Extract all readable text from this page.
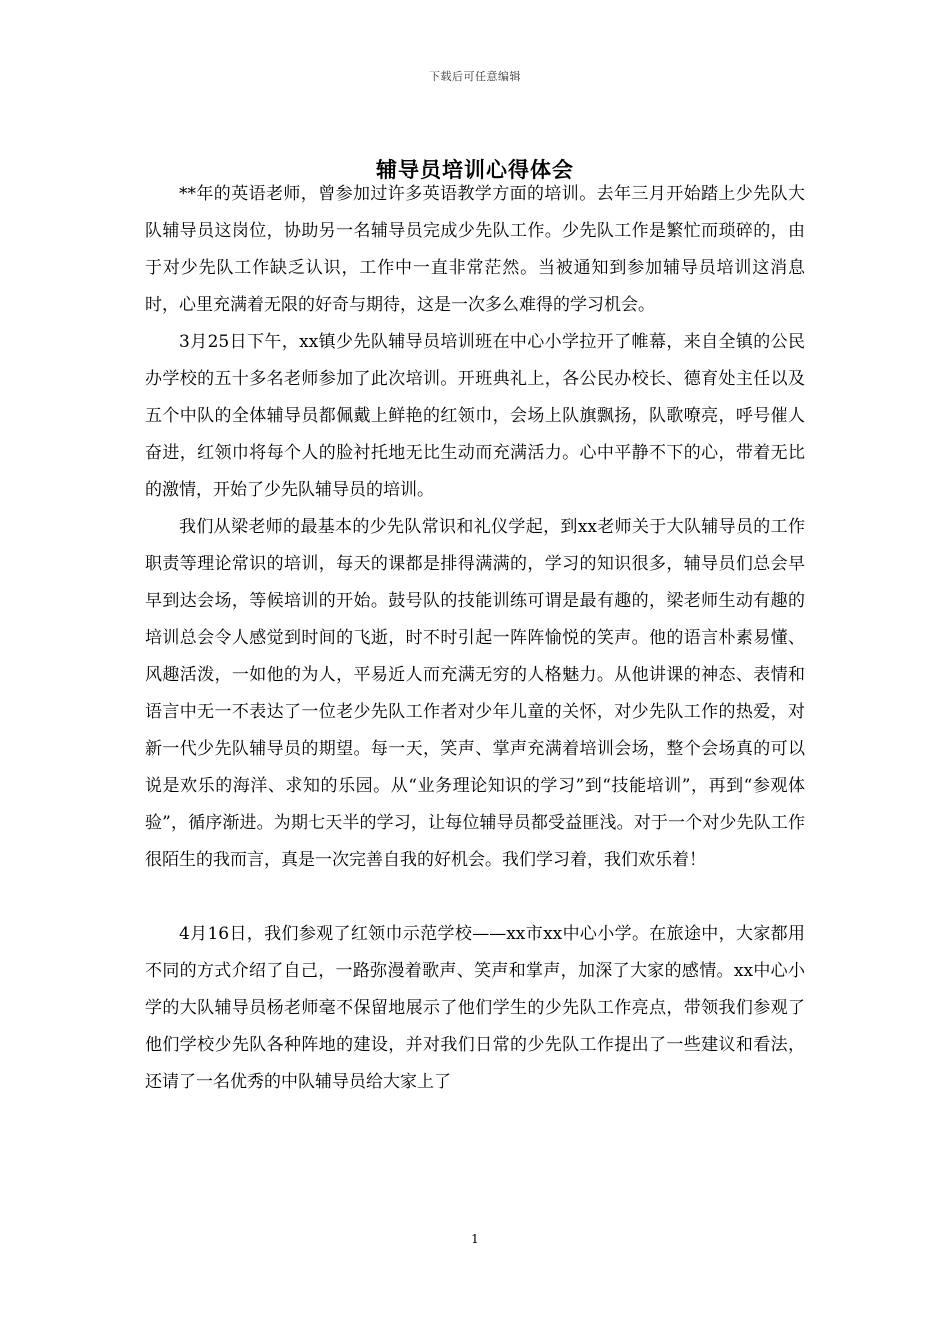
下载后可任意编辑
辅导员培训心得体会

**年的英语老师，曾参加过许多英语教学方面的培训。去年三月开始踏上少先队大队辅导员这岗位，协助另一名辅导员完成少先队工作。少先队工作是繁忙而琐碎的，由于对少先队工作缺乏认识，工作中一直非常茫然。当被通知到参加辅导员培训这消息时，心里充满着无限的好奇与期待，这是一次多么难得的学习机会。

3月25日下午，xx镇少先队辅导员培训班在中心小学拉开了帷幕，来自全镇的公民办学校的五十多名老师参加了此次培训。开班典礼上，各公民办校长、德育处主任以及五个中队的全体辅导员都佩戴上鲜艳的红领巾，会场上队旗飘扬，队歌嘹亮，呼号催人奋进，红领巾将每个人的脸衬托地无比生动而充满活力。心中平静不下的心，带着无比的激情，开始了少先队辅导员的培训。

我们从梁老师的最基本的少先队常识和礼仪学起，到xx老师关于大队辅导员的工作职责等理论常识的培训，每天的课都是排得满满的，学习的知识很多，辅导员们总会早早到达会场，等候培训的开始。鼓号队的技能训练可谓是最有趣的，梁老师生动有趣的培训总会令人感觉到时间的飞逝，时不时引起一阵阵愉悦的笑声。他的语言朴素易懂、风趣活泼，一如他的为人，平易近人而充满无穷的人格魅力。从他讲课的神态、表情和语言中无一不表达了一位老少先队工作者对少年儿童的关怀，对少先队工作的热爱，对新一代少先队辅导员的期望。每一天，笑声、掌声充满着培训会场，整个会场真的可以说是欢乐的海洋、求知的乐园。从“业务理论知识的学习”到“技能培训”，再到“参观体验”，循序渐进。为期七天半的学习，让每位辅导员都受益匪浅。对于一个对少先队工作很陌生的我而言，真是一次完善自我的好机会。我们学习着，我们欢乐着！

4月16日，我们参观了红领巾示范学校——xx市xx中心小学。在旅途中，大家都用不同的方式介绍了自己，一路弥漫着歌声、笑声和掌声，加深了大家的感情。xx中心小学的大队辅导员杨老师毫不保留地展示了他们学生的少先队工作亮点，带领我们参观了他们学校少先队各种阵地的建设，并对我们日常的少先队工作提出了一些建议和看法，还请了一名优秀的中队辅导员给大家上了

1
